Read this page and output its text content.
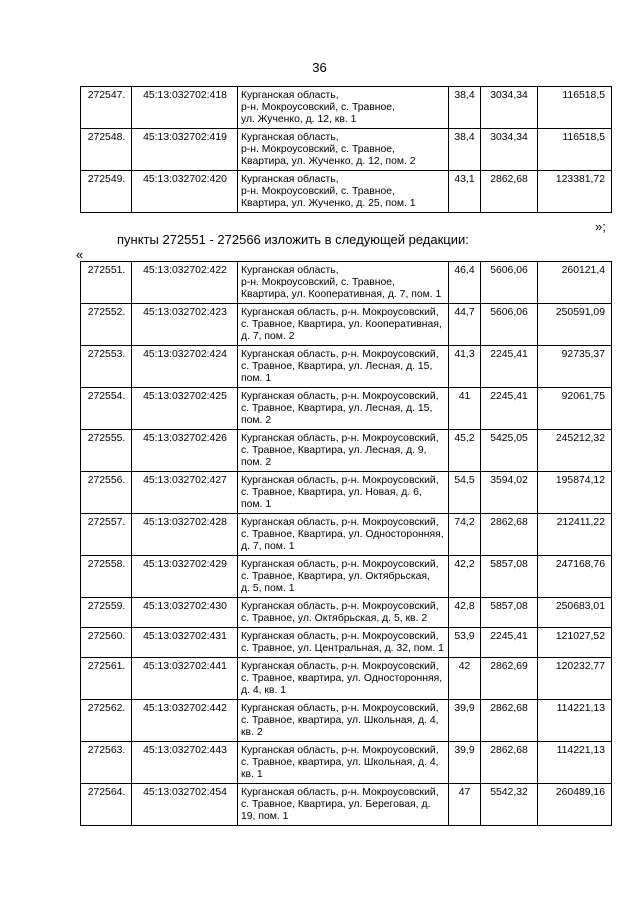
36
272547.	45:13:032702:418	Курганская область,
р-н. Мокроусовский, с. Травное,
ул. Жученко, д. 12, кв. 1	38,4	3034,34	116518,5
272548.	45:13:032702:419	Курганская область,
р-н. Мокроусовский, с. Травное,
Квартира, ул. Жученко, д. 12, пом. 2	38,4	3034,34	116518,5
272549.	45:13:032702:420	Курганская область,
р-н. Мокроусовский, с. Травное,
Квартира, ул. Жученко, д. 25, пом. 1	43,1	2862,68	123381,72
»;
пункты 272551 - 272566 изложить в следующей редакции:
«
272551.	45:13:032702:422	Курганская область,
р-н. Мокроусовский, с. Травное,
Квартира, ул. Кооперативная, д. 7, пом. 1	46,4	5606,06	260121,4
272552.	45:13:032702:423	Курганская область, р-н. Мокроусовский,
с. Травное, Квартира, ул. Кооперативная,
д. 7, пом. 2	44,7	5606,06	250591,09
272553.	45:13:032702:424	Курганская область, р-н. Мокроусовский,
с. Травное, Квартира, ул. Лесная, д. 15,
пом. 1	41,3	2245,41	92735,37
272554.	45:13:032702:425	Курганская область, р-н. Мокроусовский,
с. Травное, Квартира, ул. Лесная, д. 15,
пом. 2	41	2245,41	92061,75
272555.	45:13:032702:426	Курганская область, р-н. Мокроусовский,
с. Травное, Квартира, ул. Лесная, д. 9,
пом. 2	45,2	5425,05	245212,32
272556.	45:13:032702:427	Курганская область, р-н. Мокроусовский,
с. Травное, Квартира, ул. Новая, д. 6,
пом. 1	54,5	3594,02	195874,12
272557.	45:13:032702:428	Курганская область, р-н. Мокроусовский,
с. Травное, Квартира, ул. Односторонняя,
д. 7, пом. 1	74,2	2862,68	212411,22
272558.	45:13:032702:429	Курганская область, р-н. Мокроусовский,
с. Травное, Квартира, ул. Октябрьская,
д. 5, пом. 1	42,2	5857,08	247168,76
272559.	45:13:032702:430	Курганская область, р-н. Мокроусовский,
с. Травное, ул. Октябрьская, д. 5, кв. 2	42,8	5857,08	250683,01
272560.	45:13:032702:431	Курганская область, р-н. Мокроусовский,
с. Травное, ул. Центральная, д. 32, пом. 1	53,9	2245,41	121027,52
272561.	45:13:032702:441	Курганская область, р-н. Мокроусовский,
с. Травное, квартира, ул. Односторонняя,
д. 4, кв. 1	42	2862,69	120232,77
272562.	45:13:032702:442	Курганская область, р-н. Мокроусовский,
с. Травное, квартира, ул. Школьная, д. 4,
кв. 2	39,9	2862,68	114221,13
272563.	45:13:032702:443	Курганская область, р-н. Мокроусовский,
с. Травное, квартира, ул. Школьная, д. 4,
кв. 1	39,9	2862,68	114221,13
272564.	45:13:032702:454	Курганская область, р-н. Мокроусовский,
с. Травное, Квартира, ул. Береговая, д.
19, пом. 1	47	5542,32	260489,16
